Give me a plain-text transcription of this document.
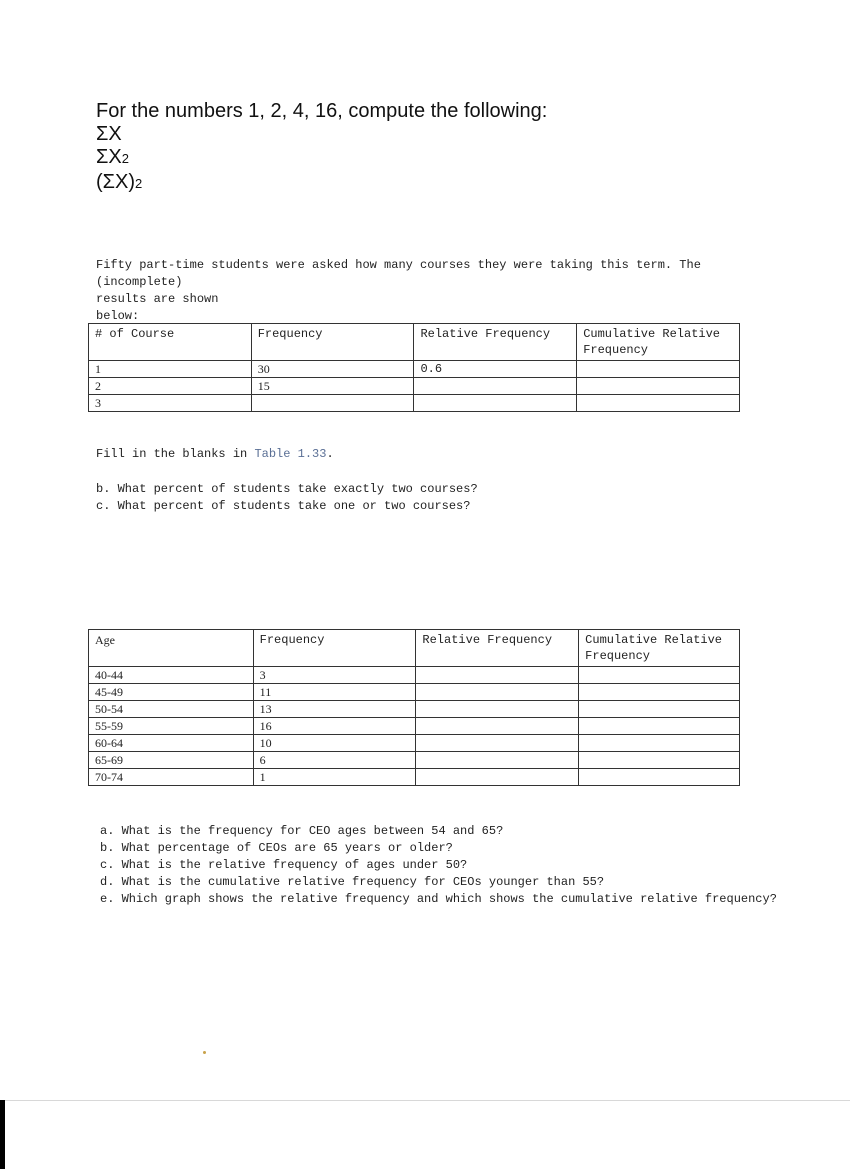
For the numbers 1, 2, 4, 16, compute the following:
ΣX
ΣX2
(ΣX)2
Fifty part-time students were asked how many courses they were taking this term. The (incomplete)
results are shown
below:
# of Course	Frequency	Relative Frequency	Cumulative Relative Frequency
1	30	0.6	
2	15		
3			
Fill in the blanks in Table 1.33.
b. What percent of students take exactly two courses?
c. What percent of students take one or two courses?
Age	Frequency	Relative Frequency	Cumulative Relative Frequency
40-44	3		
45-49	11		
50-54	13		
55-59	16		
60-64	10		
65-69	6		
70-74	1		
a. What is the frequency for CEO ages between 54 and 65?
b. What percentage of CEOs are 65 years or older?
c. What is the relative frequency of ages under 50?
d. What is the cumulative relative frequency for CEOs younger than 55?
e. Which graph shows the relative frequency and which shows the cumulative relative frequency?
